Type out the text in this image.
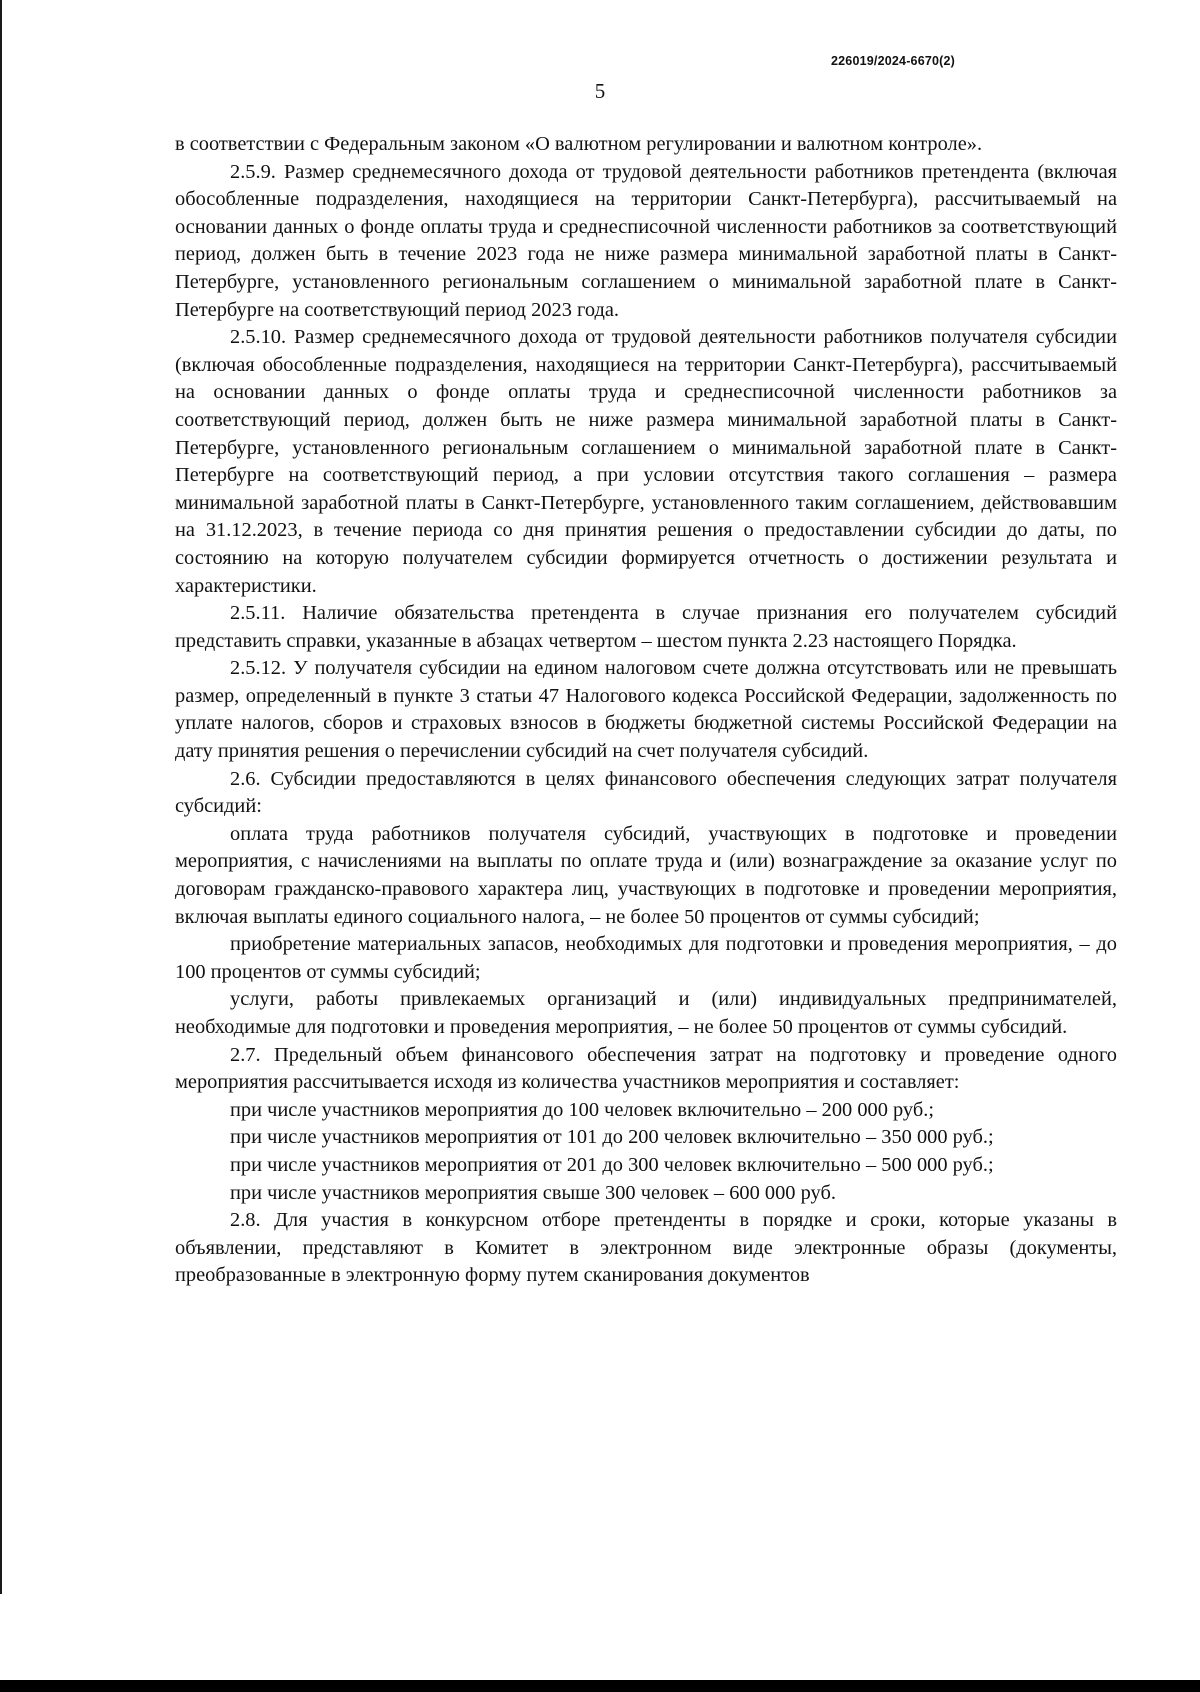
226019/2024-6670(2)
5

в соответствии с Федеральным законом «О валютном регулировании и валютном контроле».

2.5.9. Размер среднемесячного дохода от трудовой деятельности работников претендента (включая обособленные подразделения, находящиеся на территории Санкт-Петербурга), рассчитываемый на основании данных о фонде оплаты труда и среднесписочной численности работников за соответствующий период, должен быть в течение 2023 года не ниже размера минимальной заработной платы в Санкт-Петербурге, установленного региональным соглашением о минимальной заработной плате в Санкт-Петербурге на соответствующий период 2023 года.

2.5.10. Размер среднемесячного дохода от трудовой деятельности работников получателя субсидии (включая обособленные подразделения, находящиеся на территории Санкт-Петербурга), рассчитываемый на основании данных о фонде оплаты труда и среднесписочной численности работников за соответствующий период, должен быть не ниже размера минимальной заработной платы в Санкт-Петербурге, установленного региональным соглашением о минимальной заработной плате в Санкт-Петербурге на соответствующий период, а при условии отсутствия такого соглашения – размера минимальной заработной платы в Санкт-Петербурге, установленного таким соглашением, действовавшим на 31.12.2023, в течение периода со дня принятия решения о предоставлении субсидии до даты, по состоянию на которую получателем субсидии формируется отчетность о достижении результата и характеристики.

2.5.11. Наличие обязательства претендента в случае признания его получателем субсидий представить справки, указанные в абзацах четвертом – шестом пункта 2.23 настоящего Порядка.

2.5.12. У получателя субсидии на едином налоговом счете должна отсутствовать или не превышать размер, определенный в пункте 3 статьи 47 Налогового кодекса Российской Федерации, задолженность по уплате налогов, сборов и страховых взносов в бюджеты бюджетной системы Российской Федерации на дату принятия решения о перечислении субсидий на счет получателя субсидий.

2.6. Субсидии предоставляются в целях финансового обеспечения следующих затрат получателя субсидий:

оплата труда работников получателя субсидий, участвующих в подготовке и проведении мероприятия, с начислениями на выплаты по оплате труда и (или) вознаграждение за оказание услуг по договорам гражданско-правового характера лиц, участвующих в подготовке и проведении мероприятия, включая выплаты единого социального налога, – не более 50 процентов от суммы субсидий;

приобретение материальных запасов, необходимых для подготовки и проведения мероприятия, – до 100 процентов от суммы субсидий;

услуги, работы привлекаемых организаций и (или) индивидуальных предпринимателей, необходимые для подготовки и проведения мероприятия, – не более 50 процентов от суммы субсидий.

2.7. Предельный объем финансового обеспечения затрат на подготовку и проведение одного мероприятия рассчитывается исходя из количества участников мероприятия и составляет:

при числе участников мероприятия до 100 человек включительно – 200 000 руб.;

при числе участников мероприятия от 101 до 200 человек включительно – 350 000 руб.;

при числе участников мероприятия от 201 до 300 человек включительно – 500 000 руб.;

при числе участников мероприятия свыше 300 человек – 600 000 руб.

2.8. Для участия в конкурсном отборе претенденты в порядке и сроки, которые указаны в объявлении, представляют в Комитет в электронном виде электронные образы (документы, преобразованные в электронную форму путем сканирования документов
